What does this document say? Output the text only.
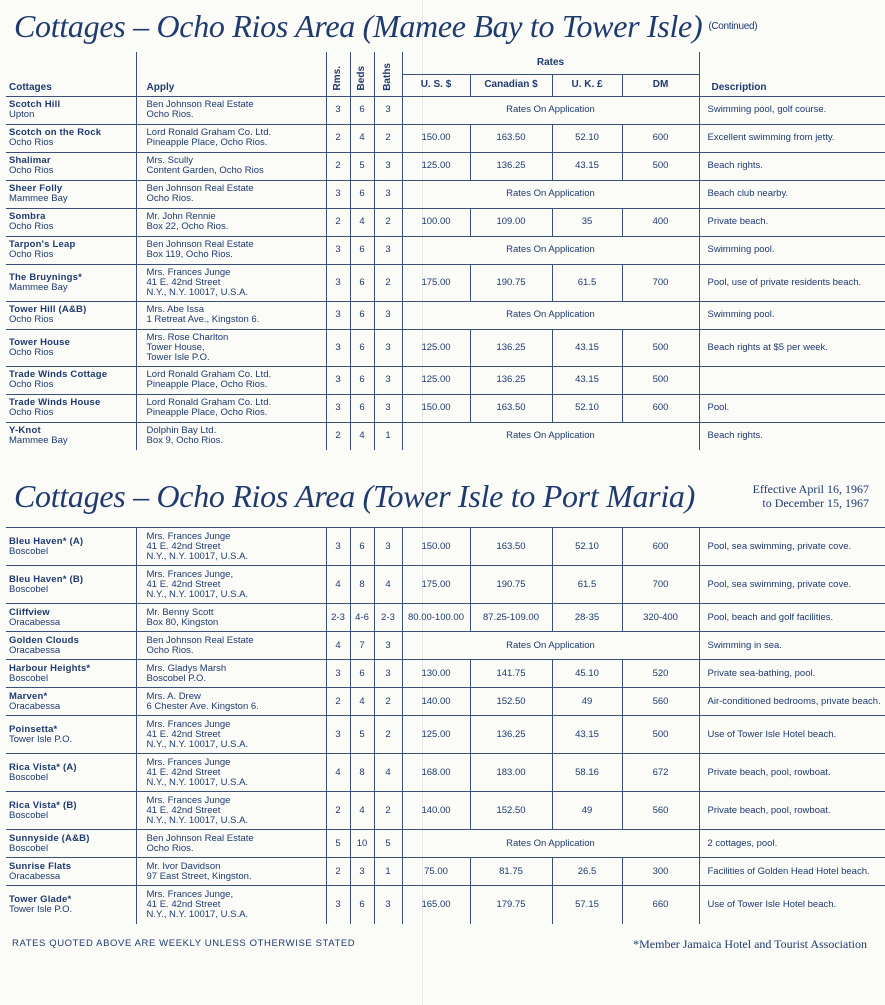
Cottages – Ocho Rios Area (Mamee Bay to Tower Isle) $^{(Continued)}$
Cottages	Apply	Rms.	Beds	Baths	Rates				Description
					U. S. $	Canadian $	U. K. £	DM	

Scotch Hill
Upton	Ben Johnson Real Estate
Ocho Rios.	3	6	3	Rates On Application				Swimming pool, golf course.

Scotch on the Rock
Ocho Rios	Lord Ronald Graham Co. Ltd.
Pineapple Place, Ocho Rios.	2	4	2	150.00	163.50	52.10	600	Excellent swimming from jetty.

Shalimar
Ocho Rios	Mrs. Scully
Content Garden, Ocho Rios	2	5	3	125.00	136.25	43.15	500	Beach rights.

Sheer Folly
Mammee Bay	Ben Johnson Real Estate
Ocho Rios.	3	6	3	Rates On Application				Beach club nearby.

Sombra
Ocho Rios	Mr. John Rennie
Box 22, Ocho Rios.	2	4	2	100.00	109.00	35	400	Private beach.

Tarpon's Leap
Ocho Rios	Ben Johnson Real Estate
Box 119, Ocho Rios.	3	6	3	Rates On Application				Swimming pool.

The Bruynings*
Mammee Bay	Mrs. Frances Junge
41 E. 42nd Street
N.Y., N.Y. 10017, U.S.A.	3	6	2	175.00	190.75	61.5	700	Pool, use of private residents beach.

Tower Hill (A&B)
Ocho Rios	Mrs. Abe Issa
1 Retreat Ave., Kingston 6.	3	6	3	Rates On Application				Swimming pool.

Tower House
Ocho Rios	Mrs. Rose Charlton
Tower House,
Tower Isle P.O.	3	6	3	125.00	136.25	43.15	500	Beach rights at $5 per week.

Trade Winds Cottage
Ocho Rios	Lord Ronald Graham Co. Ltd.
Pineapple Place, Ocho Rios.	3	6	3	125.00	136.25	43.15	500	

Trade Winds House
Ocho Rios	Lord Ronald Graham Co. Ltd.
Pineapple Place, Ocho Rios.	3	6	3	150.00	163.50	52.10	600	Pool.

Y-Knot
Mammee Bay	Dolphin Bay Ltd.
Box 9, Ocho Rios.	2	4	1	Rates On Application				Beach rights.
Cottages – Ocho Rios Area (Tower Isle to Port Maria)	Effective April 16, 1967
to December 15, 1967
Bleu Haven* (A)
Boscobel	Mrs. Frances Junge
41 E. 42nd Street
N.Y., N.Y. 10017, U.S.A.	3	6	3	150.00	163.50	52.10	600	Pool, sea swimming, private cove.

Bleu Haven* (B)
Boscobel	Mrs. Frances Junge,
41 E. 42nd Street
N.Y., N.Y. 10017, U.S.A.	4	8	4	175.00	190.75	61.5	700	Pool, sea swimming, private cove.

Cliffview
Oracabessa	Mr. Benny Scott
Box 80, Kingston	2-3	4-6	2-3	80.00-100.00	87.25-109.00	28-35	320-400	Pool, beach and golf facilities.

Golden Clouds
Oracabessa	Ben Johnson Real Estate
Ocho Rios.	4	7	3	Rates On Application				Swimming in sea.

Harbour Heights*
Boscobel	Mrs. Gladys Marsh
Boscobel P.O.	3	6	3	130.00	141.75	45.10	520	Private sea-bathing, pool.

Marven*
Oracabessa	Mrs. A. Drew
6 Chester Ave. Kingston 6.	2	4	2	140.00	152.50	49	560	Air-conditioned bedrooms, private beach.

Poinsetta*
Tower Isle P.O.	Mrs. Frances Junge
41 E. 42nd Street
N.Y., N.Y. 10017, U.S.A.	3	5	2	125.00	136.25	43.15	500	Use of Tower Isle Hotel beach.

Rica Vista* (A)
Boscobel	Mrs. Frances Junge
41 E. 42nd Street
N.Y., N.Y. 10017, U.S.A.	4	8	4	168.00	183.00	58.16	672	Private beach, pool, rowboat.

Rica Vista* (B)
Boscobel	Mrs. Frances Junge
41 E. 42nd Street
N.Y., N.Y. 10017, U.S.A.	2	4	2	140.00	152.50	49	560	Private beach, pool, rowboat.

Sunnyside (A&B)
Boscobel	Ben Johnson Real Estate
Ocho Rios.	5	10	5	Rates On Application				2 cottages, pool.

Sunrise Flats
Oracabessa	Mr. Ivor Davidson
97 East Street, Kingston.	2	3	1	75.00	81.75	26.5	300	Facilities of Golden Head Hotel beach.

Tower Glade*
Tower Isle P.O.	Mrs. Frances Junge,
41 E. 42nd Street
N.Y., N.Y. 10017, U.S.A.	3	6	3	165.00	179.75	57.15	660	Use of Tower Isle Hotel beach.
RATES QUOTED ABOVE ARE WEEKLY UNLESS OTHERWISE STATED	*Member Jamaica Hotel and Tourist Association
